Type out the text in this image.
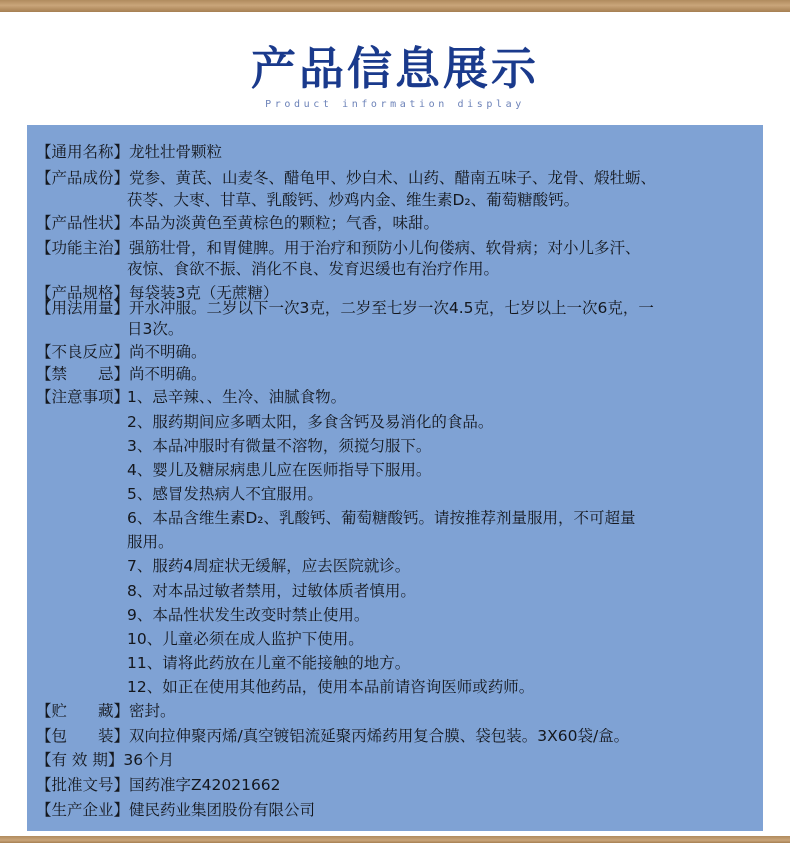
产品信息展示
Product information display
【通用名称】龙牡壮骨颗粒
【产品成份】党参、黄芪、山麦冬、醋龟甲、炒白术、山药、醋南五味子、龙骨、煅牡蛎、
茯苓、大枣、甘草、乳酸钙、炒鸡内金、维生素D₂、葡萄糖酸钙。
【产品性状】本品为淡黄色至黄棕色的颗粒；气香，味甜。
【功能主治】强筋壮骨，和胃健脾。用于治疗和预防小儿佝偻病、软骨病；对小儿多汗、
夜惊、食欲不振、消化不良、发育迟缓也有治疗作用。
【产品规格】每袋装3克（无蔗糖）
【用法用量】开水冲服。二岁以下一次3克，二岁至七岁一次4.5克，七岁以上一次6克，一
日3次。
【不良反应】尚不明确。
【禁　　忌】尚不明确。
【注意事项】
1、忌辛辣、、生冷、油腻食物。
2、服药期间应多晒太阳，多食含钙及易消化的食品。
3、本品冲服时有微量不溶物，须搅匀服下。
4、婴儿及糖尿病患儿应在医师指导下服用。
5、感冒发热病人不宜服用。
6、本品含维生素D₂、乳酸钙、葡萄糖酸钙。请按推荐剂量服用，不可超量
服用。
7、服药4周症状无缓解，应去医院就诊。
8、对本品过敏者禁用，过敏体质者慎用。
9、本品性状发生改变时禁止使用。
10、儿童必须在成人监护下使用。
11、请将此药放在儿童不能接触的地方。
12、如正在使用其他药品，使用本品前请咨询医师或药师。
【贮　　藏】密封。
【包　　装】双向拉伸聚丙烯/真空镀铝流延聚丙烯药用复合膜、袋包装。3X60袋/盒。
【有 效 期】36个月
【批准文号】国药准字Z42021662
【生产企业】健民药业集团股份有限公司
